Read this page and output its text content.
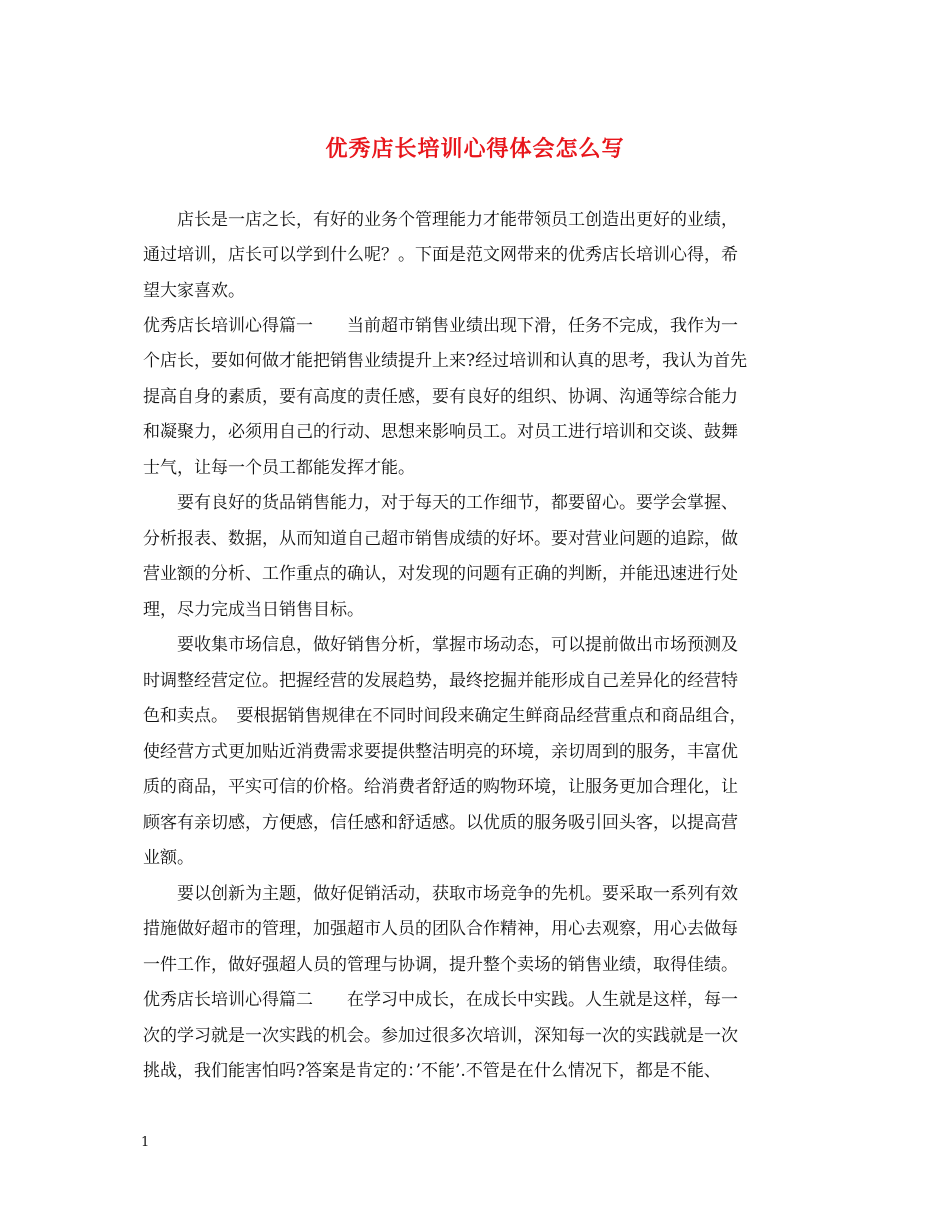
优秀店长培训心得体会怎么写
　　店长是一店之长，有好的业务个管理能力才能带领员工创造出更好的业绩，
通过培训，店长可以学到什么呢？。下面是范文网带来的优秀店长培训心得，希
望大家喜欢。
优秀店长培训心得篇一　　当前超市销售业绩出现下滑，任务不完成，我作为一
个店长，要如何做才能把销售业绩提升上来?经过培训和认真的思考，我认为首先
提高自身的素质，要有高度的责任感，要有良好的组织、协调、沟通等综合能力
和凝聚力，必须用自己的行动、思想来影响员工。对员工进行培训和交谈、鼓舞
士气，让每一个员工都能发挥才能。
　　要有良好的货品销售能力，对于每天的工作细节，都要留心。要学会掌握、
分析报表、数据，从而知道自己超市销售成绩的好坏。要对营业问题的追踪，做
营业额的分析、工作重点的确认，对发现的问题有正确的判断，并能迅速进行处
理，尽力完成当日销售目标。
　　要收集市场信息，做好销售分析，掌握市场动态，可以提前做出市场预测及
时调整经营定位。把握经营的发展趋势，最终挖掘并能形成自己差异化的经营特
色和卖点。　要根据销售规律在不同时间段来确定生鲜商品经营重点和商品组合，
使经营方式更加贴近消费需求要提供整洁明亮的环境，亲切周到的服务，丰富优
质的商品，平实可信的价格。给消费者舒适的购物环境，让服务更加合理化，让
顾客有亲切感，方便感，信任感和舒适感。以优质的服务吸引回头客，以提高营
业额。
　　要以创新为主题，做好促销活动，获取市场竞争的先机。要采取一系列有效
措施做好超市的管理，加强超市人员的团队合作精神，用心去观察，用心去做每
一件工作，做好强超人员的管理与协调，提升整个卖场的销售业绩，取得佳绩。
优秀店长培训心得篇二　　在学习中成长，在成长中实践。人生就是这样，每一
次的学习就是一次实践的机会。参加过很多次培训，深知每一次的实践就是一次
挑战，我们能害怕吗?答案是肯定的：’不能’.不管是在什么情况下，都是不能、
1
